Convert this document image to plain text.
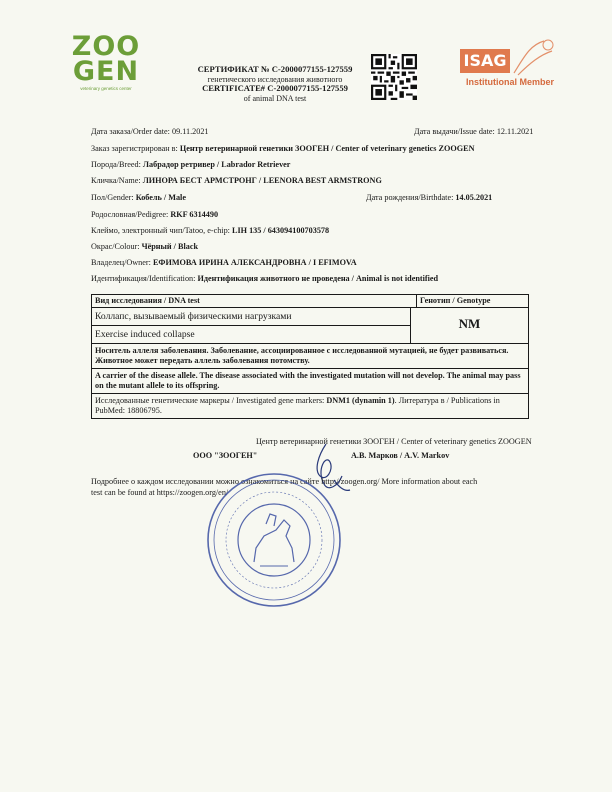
ZOO
GEN
veterinary genetics center
СЕРТИФИКАТ № C-2000077155-127559
генетического исследования животного
CERTIFICATE# C-2000077155-127559
of animal DNA test
ISAG
Institutional Member
Дата заказа/Order date: 09.11.2021	Дата выдачи/Issue date: 12.11.2021
Заказ зарегистрирован в: Центр ветеринарной генетики ЗООГЕН / Center of veterinary genetics ZOOGEN
Порода/Breed: Лабрадор ретривер / Labrador Retriever
Кличка/Name: ЛИНОРА БЕСТ АРМСТРОНГ / LEENORA BEST ARMSTRONG
Пол/Gender: Кобель / Male	Дата рождения/Birthdate: 14.05.2021
Родословная/Pedigree: RKF 6314490
Клеймо, электронный чип/Tatoo, e-chip: LIH 135 / 643094100703578
Окрас/Colour: Чёрный / Black
Владелец/Owner: ЕФИМОВА ИРИНА АЛЕКСАНДРОВНА / I EFIMOVA
Идентификация/Identification: Идентификация животного не проведена / Animal is not identified
Вид исследования / DNA test	Генотип / Genotype
Коллапс, вызываемый физическими нагрузками
Exercise induced collapse
NM
Носитель аллеля заболевания. Заболевание, ассоциированное с исследованной мутацией, не будет развиваться. Животное может передать аллель заболевания потомству.
A carrier of the disease allele. The disease associated with the investigated mutation will not develop. The animal may pass on the mutant allele to its offspring.
Исследованные генетические маркеры / Investigated gene markers: DNM1 (dynamin 1). Литература в / Publications in PubMed: 18806795.
Центр ветеринарной генетики ЗООГЕН / Center of veterinary genetics ZOOGEN
ООО "ЗООГЕН"	А.В. Марков / A.V. Markov
Подробнее о каждом исследовании можно ознакомиться на сайте http://zoogen.org/ More information about each
test can be found at https://zoogen.org/en/
